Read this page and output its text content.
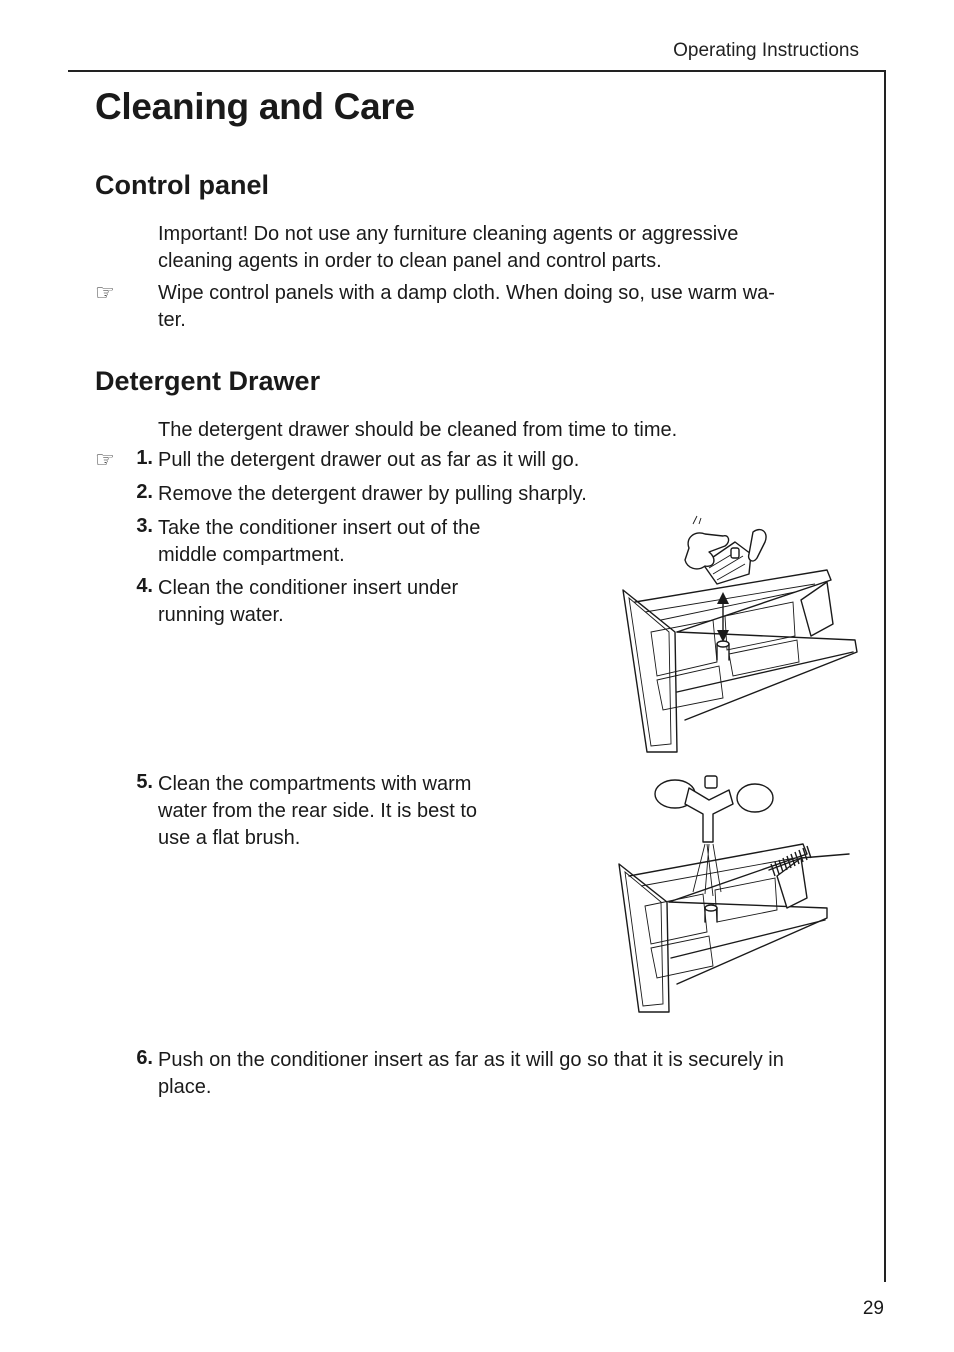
Operating Instructions
Cleaning and Care
Control panel

Important! Do not use any furniture cleaning agents or aggressive
cleaning agents in order to clean panel and control parts.

☞ Wipe control panels with a damp cloth. When doing so, use warm wa-
ter.

Detergent Drawer

The detergent drawer should be cleaned from time to time.

☞	1. Pull the detergent drawer out as far as it will go.

2. Remove the detergent drawer by pulling sharply.

3. Take the conditioner insert out of the
middle compartment.

4. Clean the conditioner insert under
running water.

5. Clean the compartments with warm
water from the rear side. It is best to
use a flat brush.

6. Push on the conditioner insert as far as it will go so that it is securely in
place.

29
